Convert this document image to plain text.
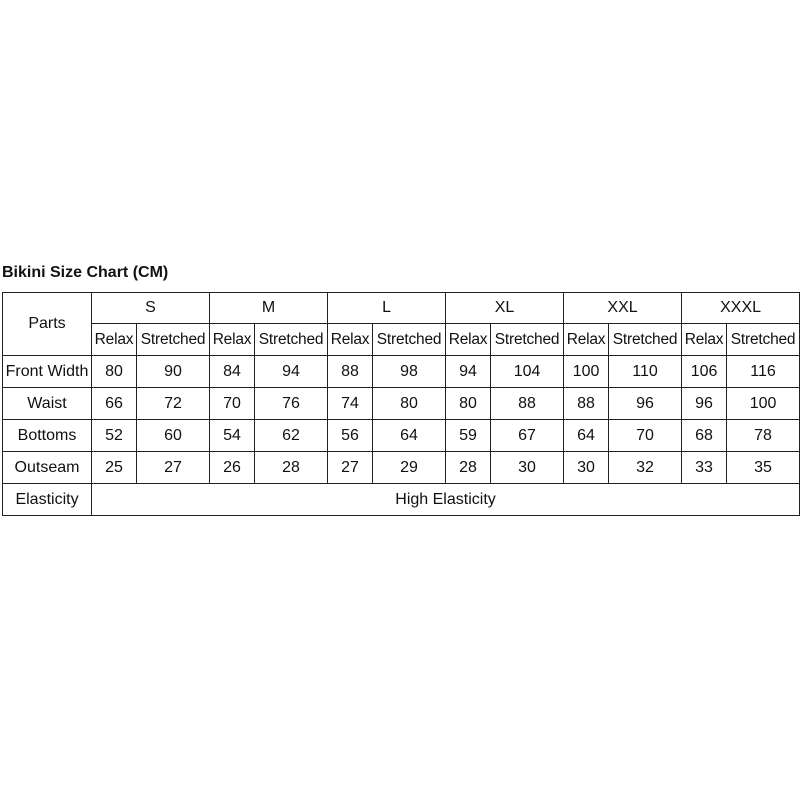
Bikini Size Chart (CM)
Parts	S		M		L		XL		XXL		XXXL	
	Relax	Stretched	Relax	Stretched	Relax	Stretched	Relax	Stretched	Relax	Stretched	Relax	Stretched
Front Width	80	90	84	94	88	98	94	104	100	110	106	116
Waist	66	72	70	76	74	80	80	88	88	96	96	100
Bottoms	52	60	54	62	56	64	59	67	64	70	68	78
Outseam	25	27	26	28	27	29	28	30	30	32	33	35
Elasticity	High Elasticity											
